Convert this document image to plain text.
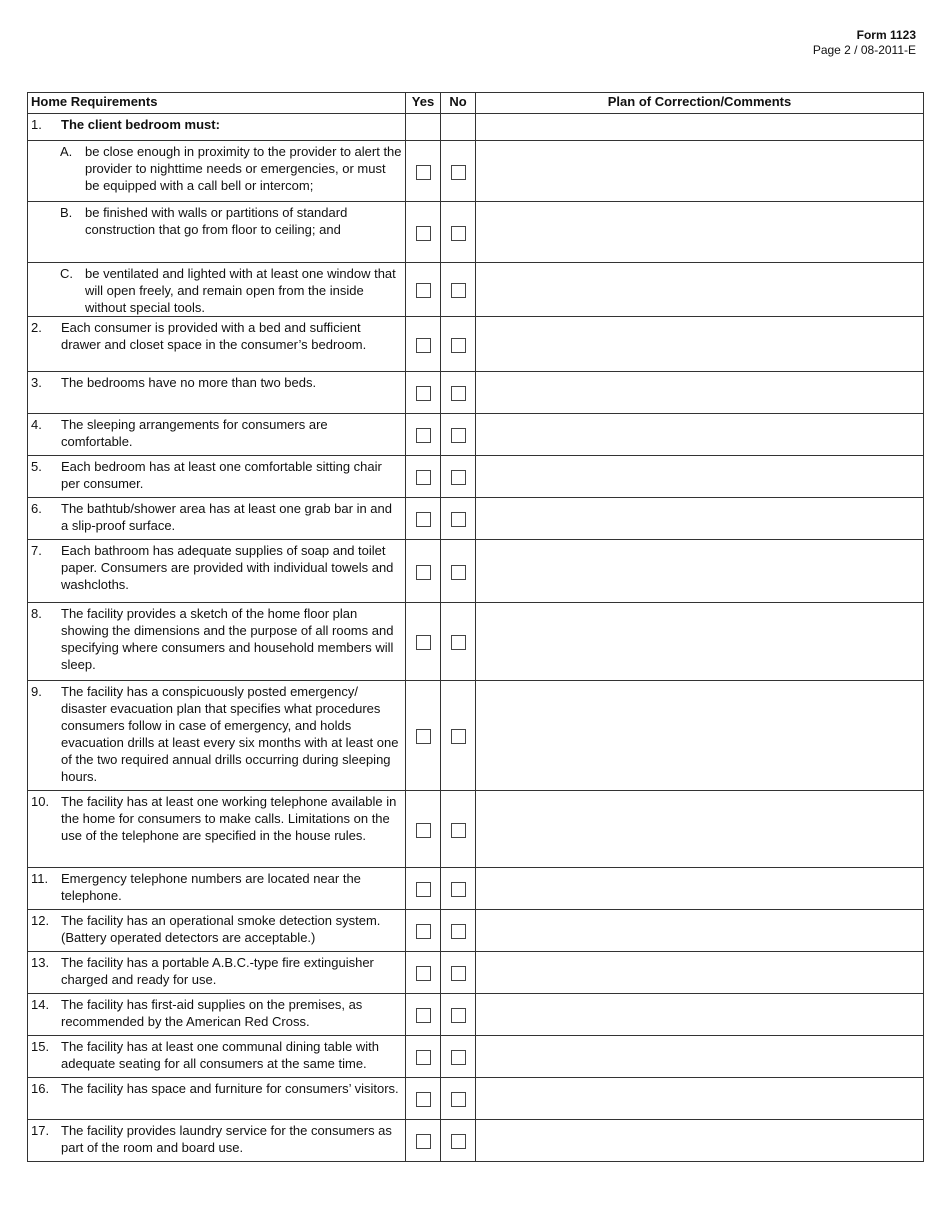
Form 1123
Page 2 / 08-2011-E
Home Requirements	Yes	No	Plan of Correction/Comments

1. The client bedroom must:			

A. be close enough in proximity to the provider to alert the provider to nighttime needs or emergencies, or must be equipped with a call bell or intercom;			

B. be finished with walls or partitions of standard construction that go from floor to ceiling; and			

C. be ventilated and lighted with at least one window that will open freely, and remain open from the inside without special tools.			

2. Each consumer is provided with a bed and sufficient drawer and closet space in the consumer’s bedroom.			

3. The bedrooms have no more than two beds.			

4. The sleeping arrangements for consumers are comfortable.			

5. Each bedroom has at least one comfortable sitting chair per consumer.			

6. The bathtub/shower area has at least one grab bar in and a slip-proof surface.			

7. Each bathroom has adequate supplies of soap and toilet paper. Consumers are provided with individual towels and washcloths.			

8. The facility provides a sketch of the home floor plan showing the dimensions and the purpose of all rooms and specifying where consumers and household members will sleep.			

9. The facility has a conspicuously posted emergency/ disaster evacuation plan that specifies what procedures consumers follow in case of emergency, and holds evacuation drills at least every six months with at least one of the two required annual drills occurring during sleeping hours.			

10. The facility has at least one working telephone available in the home for consumers to make calls. Limitations on the use of the telephone are specified in the house rules.			

11. Emergency telephone numbers are located near the telephone.			

12. The facility has an operational smoke detection system. (Battery operated detectors are acceptable.)			

13. The facility has a portable A.B.C.-type fire extinguisher charged and ready for use.			

14. The facility has first-aid supplies on the premises, as recommended by the American Red Cross.			

15. The facility has at least one communal dining table with adequate seating for all consumers at the same time.			

16. The facility has space and furniture for consumers’ visitors.			

17. The facility provides laundry service for the consumers as part of the room and board use.			
